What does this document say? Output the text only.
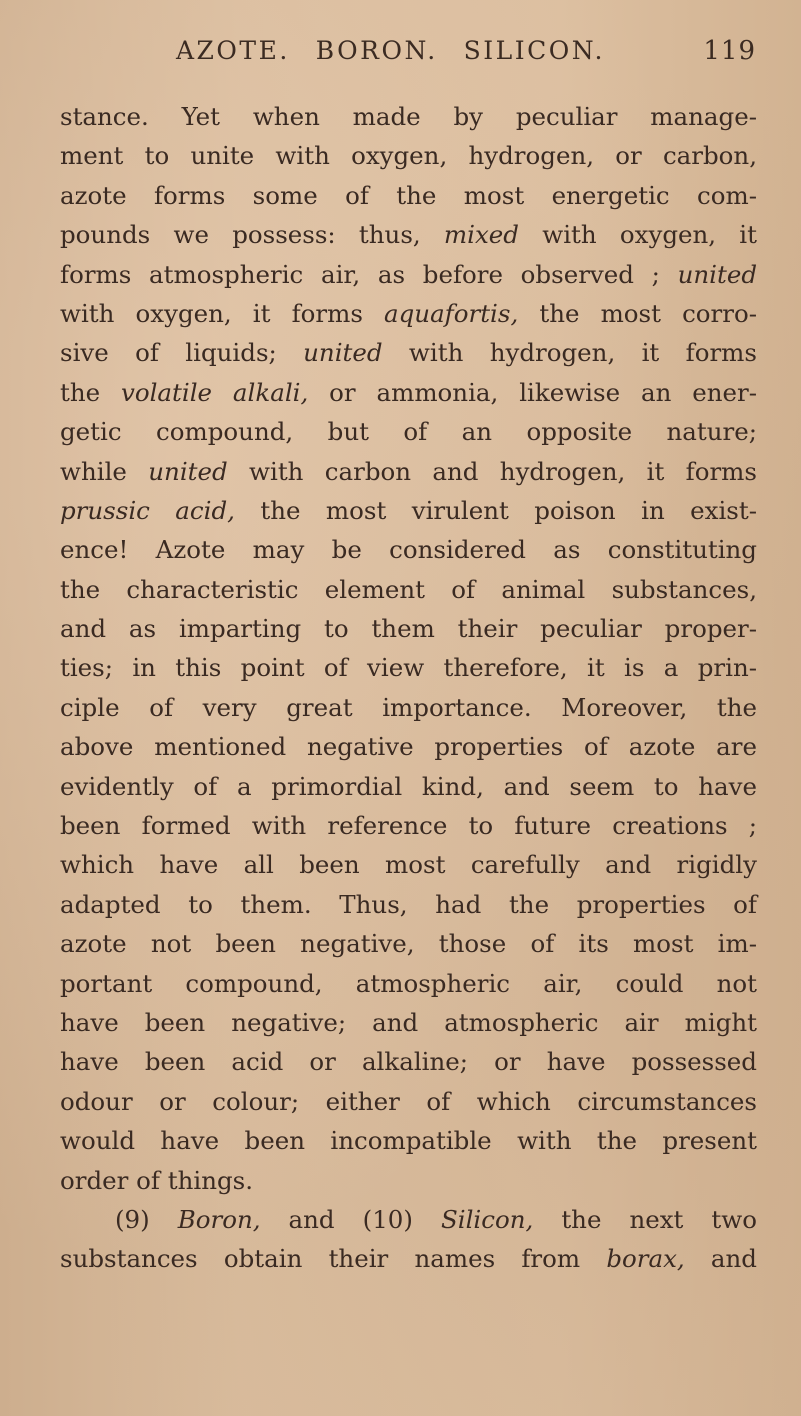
AZOTE. BORON. SILICON.	119
stance. Yet when made by peculiar manage-
ment to unite with oxygen, hydrogen, or carbon,
azote forms some of the most energetic com-
pounds we possess: thus, mixed with oxygen, it
forms atmospheric air, as before observed ; united
with oxygen, it forms aquafortis, the most corro-
sive of liquids; united with hydrogen, it forms
the volatile alkali, or ammonia, likewise an ener-
getic compound, but of an opposite nature;
while united with carbon and hydrogen, it forms
prussic acid, the most virulent poison in exist-
ence! Azote may be considered as constituting
the characteristic element of animal substances,
and as imparting to them their peculiar proper-
ties; in this point of view therefore, it is a prin-
ciple of very great importance. Moreover, the
above mentioned negative properties of azote are
evidently of a primordial kind, and seem to have
been formed with reference to future creations ;
which have all been most carefully and rigidly
adapted to them. Thus, had the properties of
azote not been negative, those of its most im-
portant compound, atmospheric air, could not
have been negative; and atmospheric air might
have been acid or alkaline; or have possessed
odour or colour; either of which circumstances
would have been incompatible with the present
order of things.
(9) Boron, and (10) Silicon, the next two
substances obtain their names from borax, and
